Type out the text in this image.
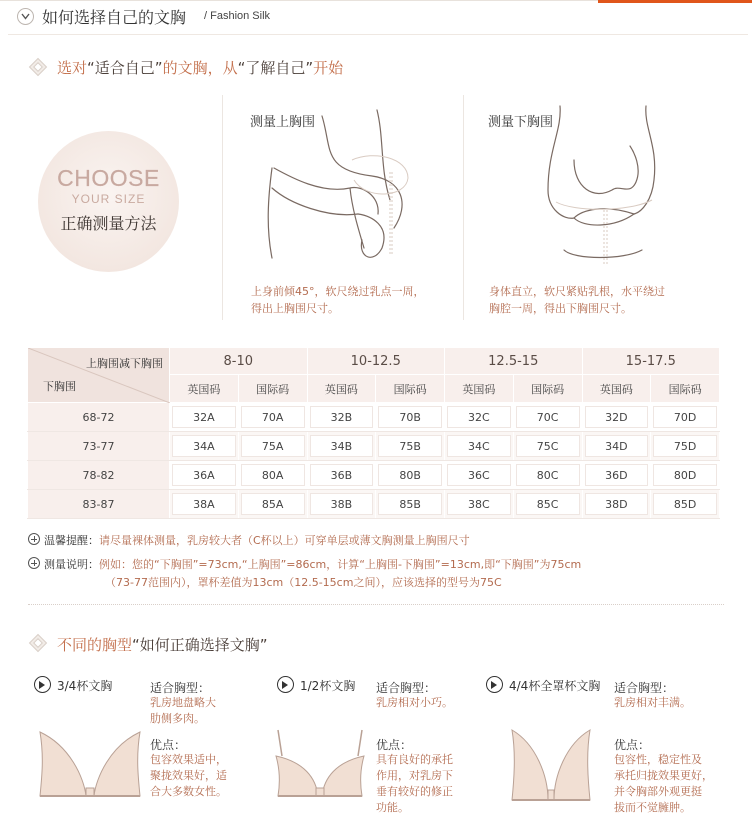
如何选择自己的文胸 / Fashion Silk
选对“适合自己”的文胸，从“了解自己”开始
CHOOSE
YOUR SIZE
正确测量方法
测量上胸围
上身前倾45°，软尺绕过乳点一周，
得出上胸围尺寸。
测量下胸围
身体直立，软尺紧贴乳根，水平绕过
胸腔一周，得出下胸围尺寸。
上胸围减下胸围
下胸围	8-10		10-12.5		12.5-15		15-17.5	
	英国码	国际码	英国码	国际码	英国码	国际码	英国码	国际码
68-72	32A	70A	32B	70B	32C	70C	32D	70D

73-77	34A	75A	34B	75B	34C	75C	34D	75D

78-82	36A	80A	36B	80B	36C	80C	36D	80D

83-87	38A	85A	38B	85B	38C	85C	38D	85D
温馨提醒：请尽量裸体测量，乳房较大者（C杯以上）可穿单层或薄文胸测量上胸围尺寸
测量说明：例如：您的“下胸围”=73cm,“上胸围”=86cm，计算“上胸围-下胸围”=13cm,即“下胸围”为75cm
（73-77范围内），罩杯差值为13cm（12.5-15cm之间），应该选择的型号为75C
不同的胸型“如何正确选择文胸”
3/4杯文胸	适合胸型：
乳房地盘略大
肋侧多肉。
优点：
包容效果适中，
聚拢效果好，适
合大多数女性。
1/2杯文胸 适合胸型：
乳房相对小巧。
优点：
具有良好的承托
作用，对乳房下
垂有较好的修正
功能。
4/4杯全罩杯文胸 适合胸型：
乳房相对丰满。
优点：
包容性，稳定性及
承托归拢效果更好，
并令胸部外观更挺
拔而不觉臃肿。
